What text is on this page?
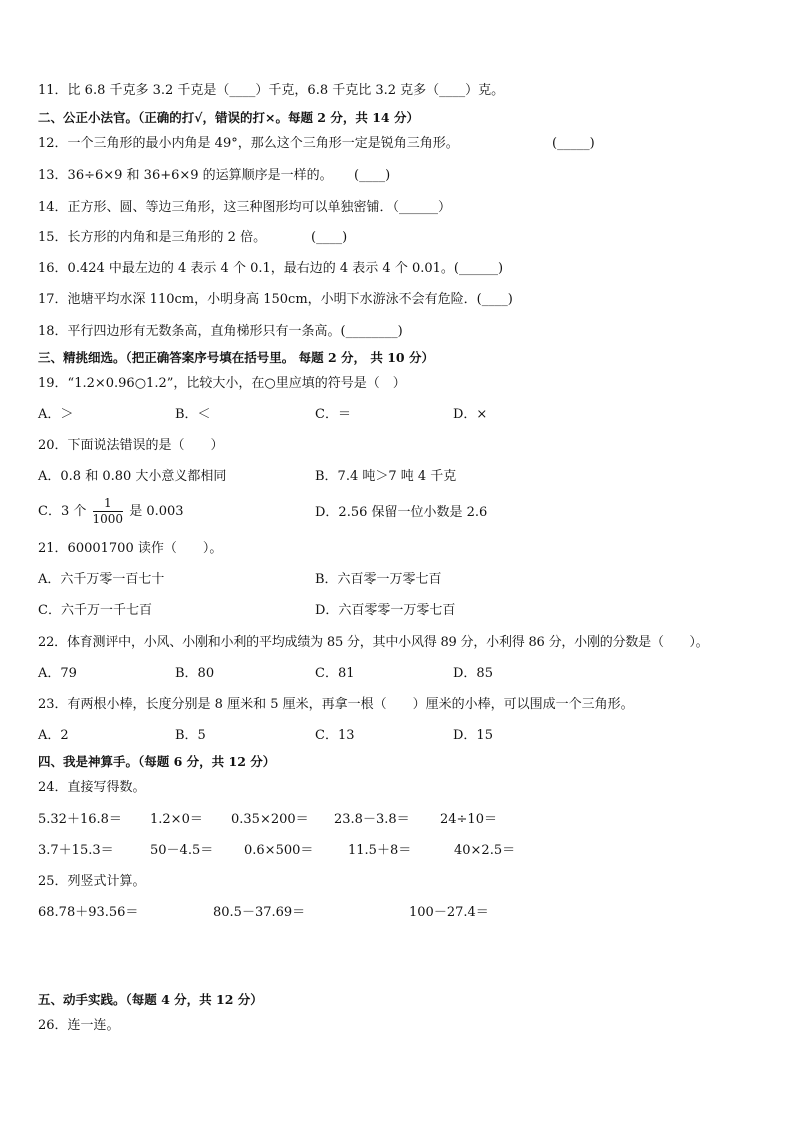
11．比 6.8 千克多 3.2 千克是（____）千克，6.8 千克比 3.2 克多（____）克。
二、公正小法官。（正确的打√，错误的打×。每题 2 分，共 14 分）
12．一个三角形的最小内角是 49°，那么这个三角形一定是锐角三角形。	(_____)
13．36÷6×9 和 36+6×9 的运算顺序是一样的。 (____)
14．正方形、圆、等边三角形，这三种图形均可以单独密铺．（______）
15．长方形的内角和是三角形的 2 倍。	(____)
16．0.424 中最左边的 4 表示 4 个 0.1，最右边的 4 表示 4 个 0.01。(______)
17．池塘平均水深 110cm，小明身高 150cm，小明下水游泳不会有危险．(____)
18．平行四边形有无数条高，直角梯形只有一条高。(________)
三、精挑细选。（把正确答案序号填在括号里。 每题 2 分， 共 10 分）
19．“1.2×0.96○1.2”，比较大小，在○里应填的符号是（　）
A．＞	B．＜	C．＝	D．×
20．下面说法错误的是（　　）
A．0.8 和 0.80 大小意义都相同	B．7.4 吨＞7 吨 4 千克
C．3 个 $\frac{1}{1000}$ 是 0.003	D．2.56 保留一位小数是 2.6
21．60001700 读作（　　）。
A．六千万零一百七十	B．六百零一万零七百
C．六千万一千七百	D．六百零零一万零七百
22．体育测评中，小风、小刚和小利的平均成绩为 85 分，其中小风得 89 分，小利得 86 分，小刚的分数是（　　）。
A．79	B．80	C．81	D．85
23．有两根小棒，长度分别是 8 厘米和 5 厘米，再拿一根（　　）厘米的小棒，可以围成一个三角形。
A．2	B．5	C．13	D．15
四、我是神算手。（每题 6 分，共 12 分）
24．直接写得数。
5.32＋16.8＝ 1.2×0＝ 0.35×200＝ 23.8－3.8＝ 24÷10＝
3.7＋15.3＝	50－4.5＝ 0.6×500＝	11.5＋8＝	40×2.5＝
25．列竖式计算。
68.78＋93.56＝	80.5－37.69＝	100－27.4＝
五、动手实践。（每题 4 分，共 12 分）
26．连一连。
